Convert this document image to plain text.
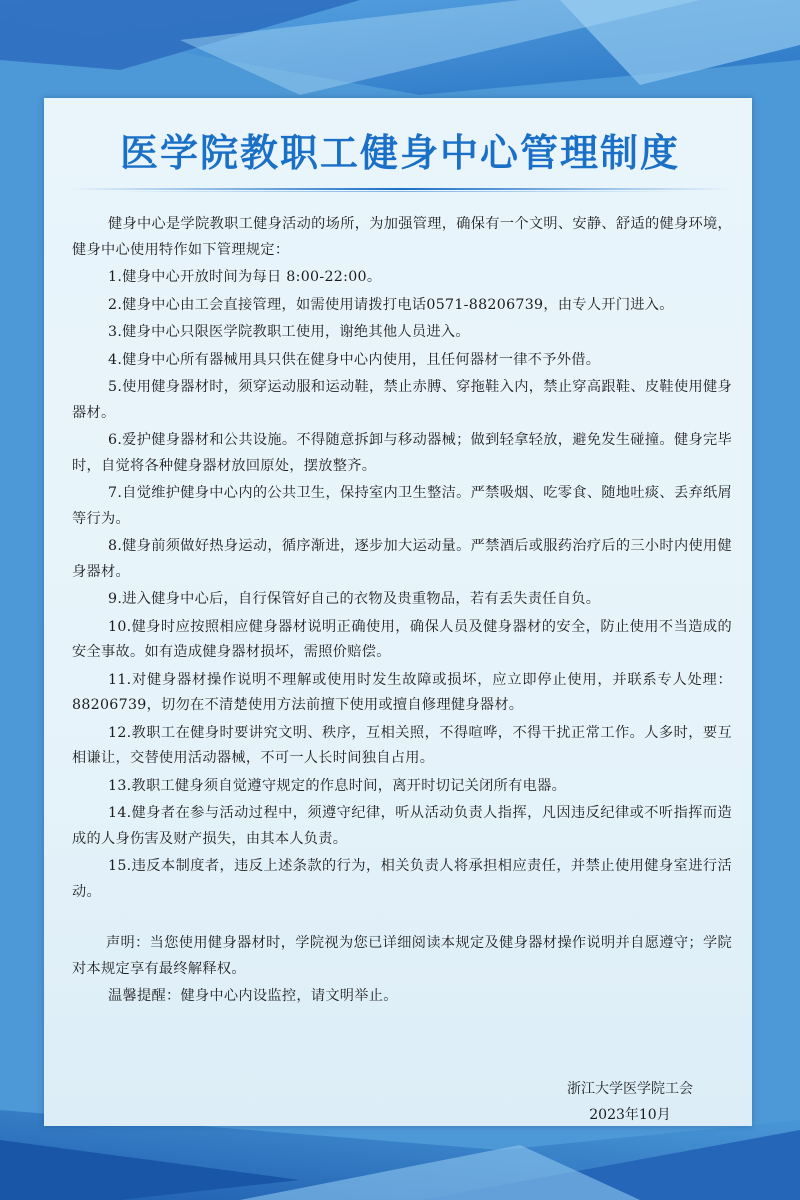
医学院教职工健身中心管理制度

健身中心是学院教职工健身活动的场所，为加强管理，确保有一个文明、安静、舒适的健身环境，健身中心使用特作如下管理规定：

1.健身中心开放时间为每日 8:00-22:00。

2.健身中心由工会直接管理，如需使用请拨打电话0571-88206739，由专人开门进入。

3.健身中心只限医学院教职工使用，谢绝其他人员进入。

4.健身中心所有器械用具只供在健身中心内使用，且任何器材一律不予外借。

5.使用健身器材时，须穿运动服和运动鞋，禁止赤膊、穿拖鞋入内，禁止穿高跟鞋、皮鞋使用健身器材。

6.爱护健身器材和公共设施。不得随意拆卸与移动器械；做到轻拿轻放，避免发生碰撞。健身完毕时，自觉将各种健身器材放回原处，摆放整齐。

7.自觉维护健身中心内的公共卫生，保持室内卫生整洁。严禁吸烟、吃零食、随地吐痰、丢弃纸屑等行为。

8.健身前须做好热身运动，循序渐进，逐步加大运动量。严禁酒后或服药治疗后的三小时内使用健身器材。

9.进入健身中心后，自行保管好自己的衣物及贵重物品，若有丢失责任自负。

10.健身时应按照相应健身器材说明正确使用，确保人员及健身器材的安全，防止使用不当造成的安全事故。如有造成健身器材损坏，需照价赔偿。

11.对健身器材操作说明不理解或使用时发生故障或损坏，应立即停止使用，并联系专人处理：88206739，切勿在不清楚使用方法前擅下使用或擅自修理健身器材。

12.教职工在健身时要讲究文明、秩序，互相关照，不得喧哗，不得干扰正常工作。人多时，要互相谦让，交替使用活动器械，不可一人长时间独自占用。

13.教职工健身须自觉遵守规定的作息时间，离开时切记关闭所有电器。

14.健身者在参与活动过程中，须遵守纪律，听从活动负责人指挥，凡因违反纪律或不听指挥而造成的人身伤害及财产损失，由其本人负责。

15.违反本制度者，违反上述条款的行为，相关负责人将承担相应责任，并禁止使用健身室进行活动。

声明：当您使用健身器材时，学院视为您已详细阅读本规定及健身器材操作说明并自愿遵守；学院对本规定享有最终解释权。

温馨提醒：健身中心内设监控，请文明举止。

浙江大学医学院工会
2023年10月
